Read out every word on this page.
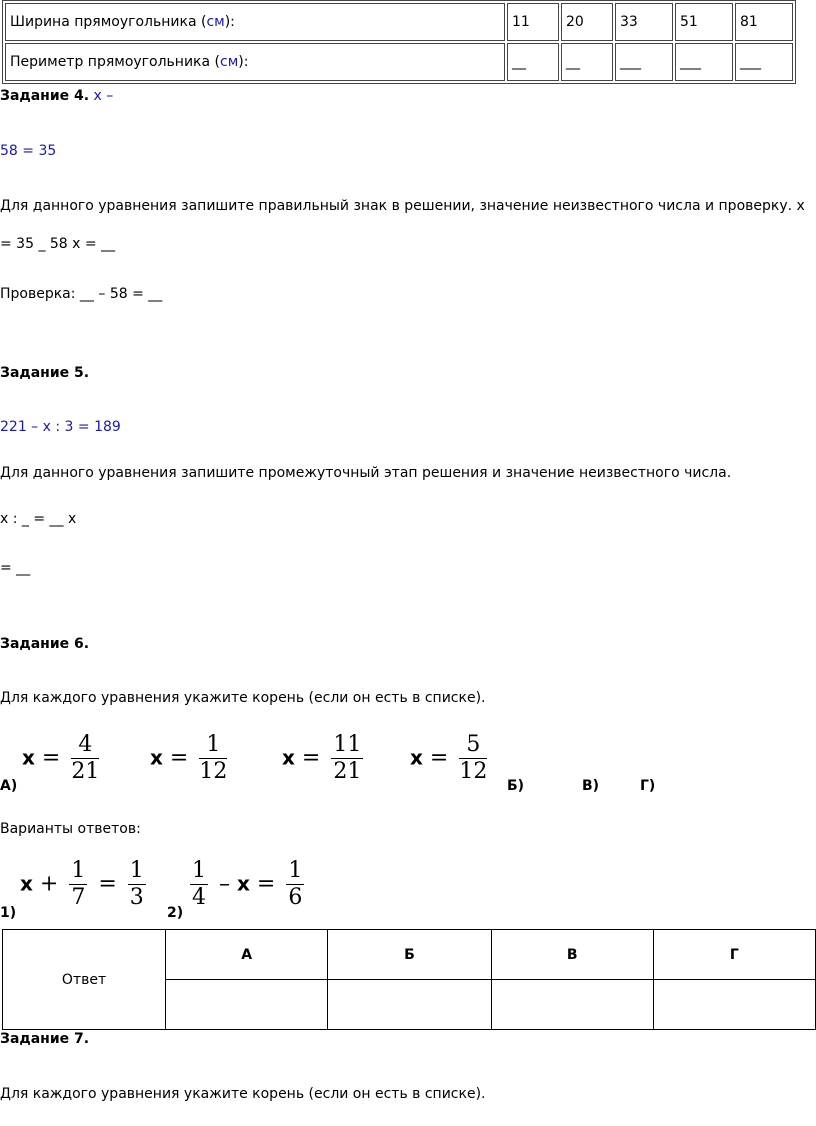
Ширина прямоугольника (см):	11	20	33	51	81
Периметр прямоугольника (см):	__	__	___	___	___
Задание 4. x –
58 = 35
Для данного уравнения запишите правильный знак в решении, значение неизвестного числа и проверку. x
= 35 _ 58 x = __
Проверка: __ – 58 = __
Задание 5.
221 – x : 3 = 189
Для данного уравнения запишите промежуточный этап решения и значение неизвестного числа.
x : _ = __ x
= __
Задание 6.
Для каждого уравнения укажите корень (если он есть в списке).
$x = \frac{4}{21}$	$x = \frac{1}{12}$	$x = \frac{11}{21}$ $x = \frac{5}{12}$
А)	Б)	В)	Г)
Варианты ответов:
$x + \frac{1}{7} = \frac{1}{3} \frac{1}{4} - x = \frac{1}{6}$
1)	2)
Ответ	А	Б	В	Г

Задание 7.
Для каждого уравнения укажите корень (если он есть в списке).
